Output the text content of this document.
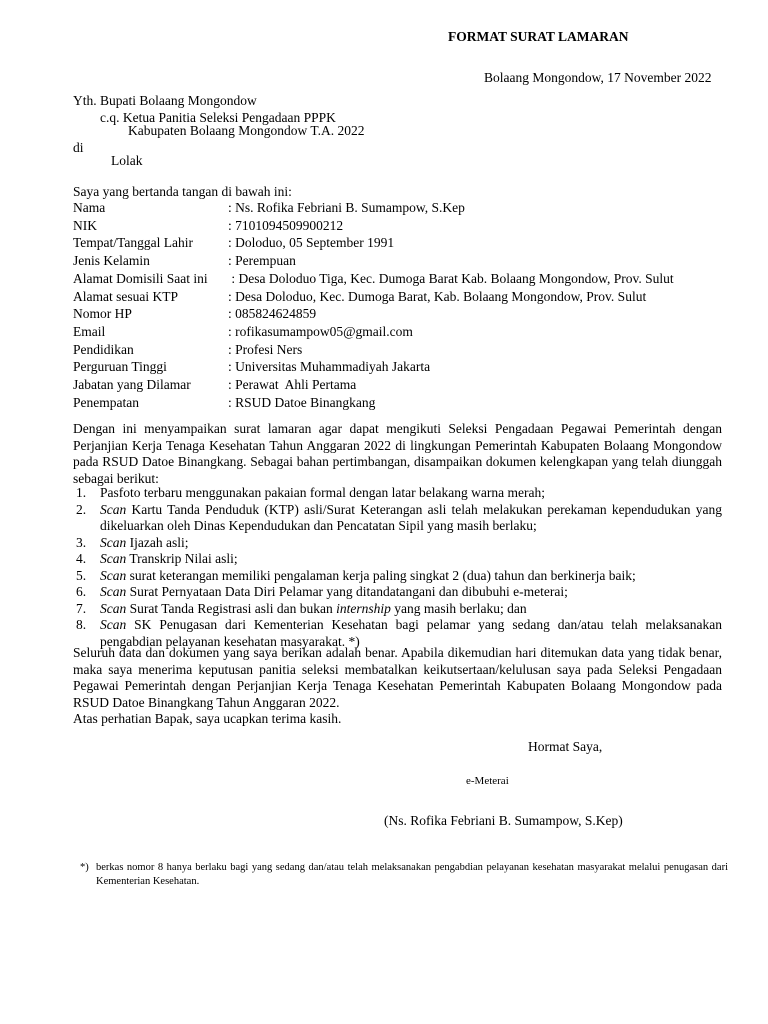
FORMAT SURAT LAMARAN
Bolaang Mongondow, 17 November 2022
Yth. Bupati Bolaang Mongondow
c.q. Ketua Panitia Seleksi Pengadaan PPPK
Kabupaten Bolaang Mongondow T.A. 2022
di
Lolak
Saya yang bertanda tangan di bawah ini:
Nama	: Ns. Rofika Febriani B. Sumampow, S.Kep
NIK	: 7101094509900212
Tempat/Tanggal Lahir	: Doloduo, 05 September 1991
Jenis Kelamin	: Perempuan
Alamat Domisili Saat ini : Desa Doloduo Tiga, Kec. Dumoga Barat Kab. Bolaang Mongondow, Prov. Sulut
Alamat sesuai KTP	: Desa Doloduo, Kec. Dumoga Barat, Kab. Bolaang Mongondow, Prov. Sulut
Nomor HP	: 085824624859
Email	: rofikasumampow05@gmail.com
Pendidikan	: Profesi Ners
Perguruan Tinggi	: Universitas Muhammadiyah Jakarta
Jabatan yang Dilamar	: Perawat  Ahli Pertama
Penempatan	: RSUD Datoe Binangkang
Dengan ini menyampaikan surat lamaran agar dapat mengikuti Seleksi Pengadaan Pegawai Pemerintah dengan Perjanjian Kerja Tenaga Kesehatan Tahun Anggaran 2022 di lingkungan Pemerintah Kabupaten Bolaang Mongondow pada RSUD Datoe Binangkang. Sebagai bahan pertimbangan, disampaikan dokumen kelengkapan yang telah diunggah sebagai berikut:
1. Pasfoto terbaru menggunakan pakaian formal dengan latar belakang warna merah;
2. Scan Kartu Tanda Penduduk (KTP) asli/Surat Keterangan asli telah melakukan perekaman kependudukan yang dikeluarkan oleh Dinas Kependudukan dan Pencatatan Sipil yang masih berlaku;
3. Scan Ijazah asli;
4. Scan Transkrip Nilai asli;
5. Scan surat keterangan memiliki pengalaman kerja paling singkat 2 (dua) tahun dan berkinerja baik;
6. Scan Surat Pernyataan Data Diri Pelamar yang ditandatangani dan dibubuhi e-meterai;
7. Scan Surat Tanda Registrasi asli dan bukan internship yang masih berlaku; dan
8. Scan SK Penugasan dari Kementerian Kesehatan bagi pelamar yang sedang dan/atau telah melaksanakan pengabdian pelayanan kesehatan masyarakat. *)
Seluruh data dan dokumen yang saya berikan adalah benar. Apabila dikemudian hari ditemukan data yang tidak benar, maka saya menerima keputusan panitia seleksi membatalkan keikutsertaan/kelulusan saya pada Seleksi Pengadaan Pegawai Pemerintah dengan Perjanjian Kerja Tenaga Kesehatan Pemerintah Kabupaten Bolaang Mongondow pada RSUD Datoe Binangkang Tahun Anggaran 2022.
Atas perhatian Bapak, saya ucapkan terima kasih.
Hormat Saya,
e-Meterai
(Ns. Rofika Febriani B. Sumampow, S.Kep)
*) berkas nomor 8 hanya berlaku bagi yang sedang dan/atau telah melaksanakan pengabdian pelayanan kesehatan masyarakat melalui penugasan dari Kementerian Kesehatan.
